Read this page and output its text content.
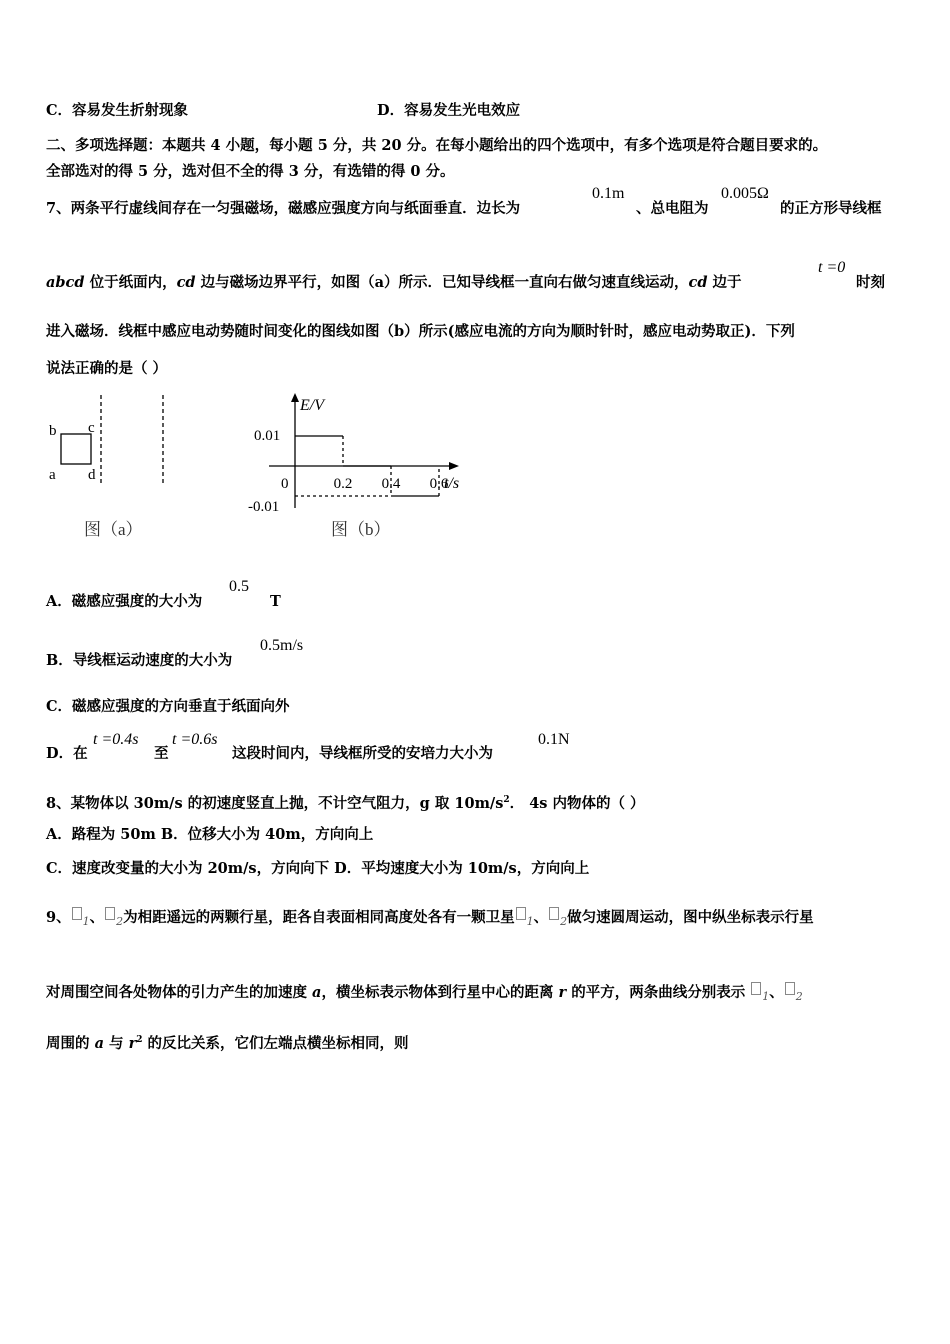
C．容易发生折射现象	D．容易发生光电效应
二、多项选择题：本题共 4 小题，每小题 5 分，共 20 分。在每小题给出的四个选项中，有多个选项是符合题目要求的。
全部选对的得 5 分，选对但不全的得 3 分，有选错的得 0 分。
7、两条平行虚线间存在一匀强磁场，磁感应强度方向与纸面垂直．边长为
0.1m
、总电阻为
0.005Ω
的正方形导线框
abcd 位于纸面内，cd 边与磁场边界平行，如图（a）所示．已知导线框一直向右做匀速直线运动，cd 边于
t =0
时刻
进入磁场．线框中感应电动势随时间变化的图线如图（b）所示(感应电流的方向为顺时针时，感应电动势取正)．下列
说法正确的是（ ）
b c
a d
图（a）
E/V
t/s
0.01
-0.01
0	0.2 0.4 0.6
图（b）
A．磁感应强度的大小为
0.5
T
B．导线框运动速度的大小为
0.5m/s
C．磁感应强度的方向垂直于纸面向外
D．在
t =0.4s
至
t =0.6s
这段时间内，导线框所受的安培力大小为
0.1N
8、某物体以 30m/s 的初速度竖直上抛，不计空气阻力，g 取 $10m/s^2$． 4s 内物体的（ ）
A．路程为 50m B．位移大小为 40m，方向向上
C．速度改变量的大小为 20m/s，方向向下 D．平均速度大小为 10m/s，方向向上
9、 $_1$、 $_2$为相距遥远的两颗行星，距各自表面相同高度处各有一颗卫星 $_1$、 $_2$做匀速圆周运动，图中纵坐标表示行星
对周围空间各处物体的引力产生的加速度 a，横坐标表示物体到行星中心的距离 r 的平方，两条曲线分别表示 $_1$、 $_2$
周围的 a 与 $r^2$ 的反比关系，它们左端点横坐标相同，则
